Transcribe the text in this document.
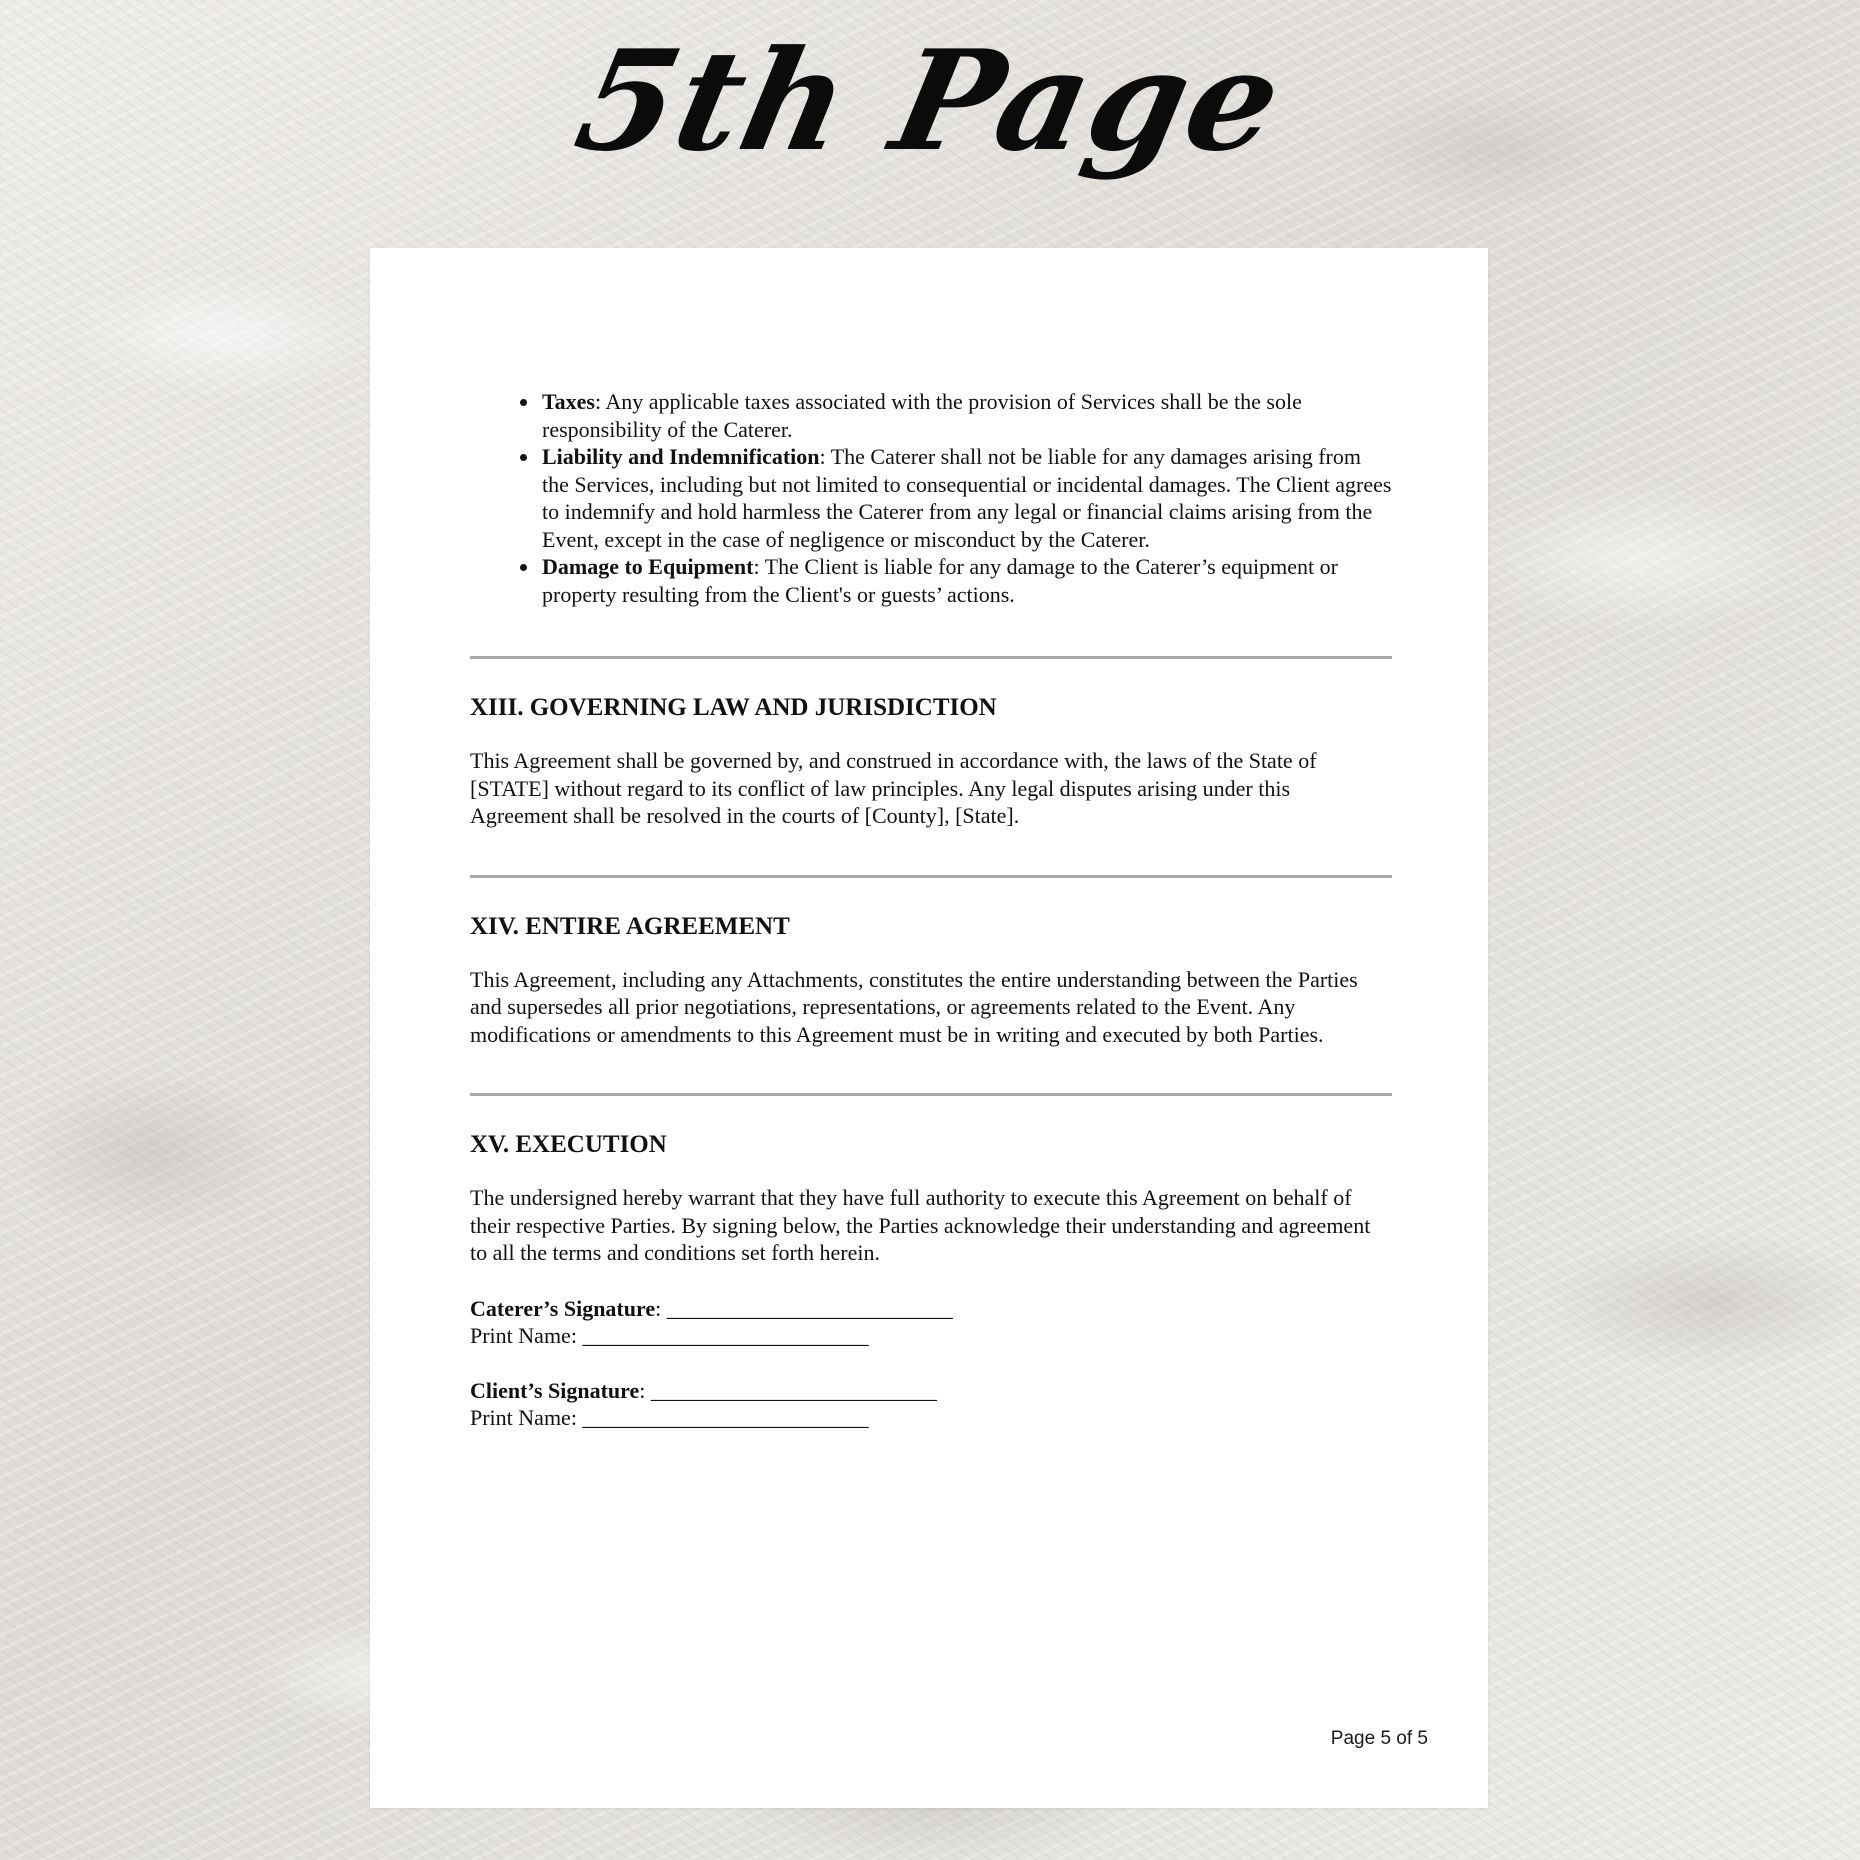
5th Page
• Taxes: Any applicable taxes associated with the provision of Services shall be the sole responsibility of the Caterer.
• Liability and Indemnification: The Caterer shall not be liable for any damages arising from the Services, including but not limited to consequential or incidental damages. The Client agrees to indemnify and hold harmless the Caterer from any legal or financial claims arising from the Event, except in the case of negligence or misconduct by the Caterer.
• Damage to Equipment: The Client is liable for any damage to the Caterer’s equipment or property resulting from the Client's or guests’ actions.
XIII. GOVERNING LAW AND JURISDICTION

This Agreement shall be governed by, and construed in accordance with, the laws of the State of [STATE] without regard to its conflict of law principles. Any legal disputes arising under this Agreement shall be resolved in the courts of [County], [State].

XIV. ENTIRE AGREEMENT

This Agreement, including any Attachments, constitutes the entire understanding between the Parties and supersedes all prior negotiations, representations, or agreements related to the Event. Any modifications or amendments to this Agreement must be in writing and executed by both Parties.

XV. EXECUTION

The undersigned hereby warrant that they have full authority to execute this Agreement on behalf of their respective Parties. By signing below, the Parties acknowledge their understanding and agreement to all the terms and conditions set forth herein.

Caterer’s Signature: __________________________
Print Name: __________________________
Client’s Signature: __________________________
Print Name: __________________________
Page 5 of 5
